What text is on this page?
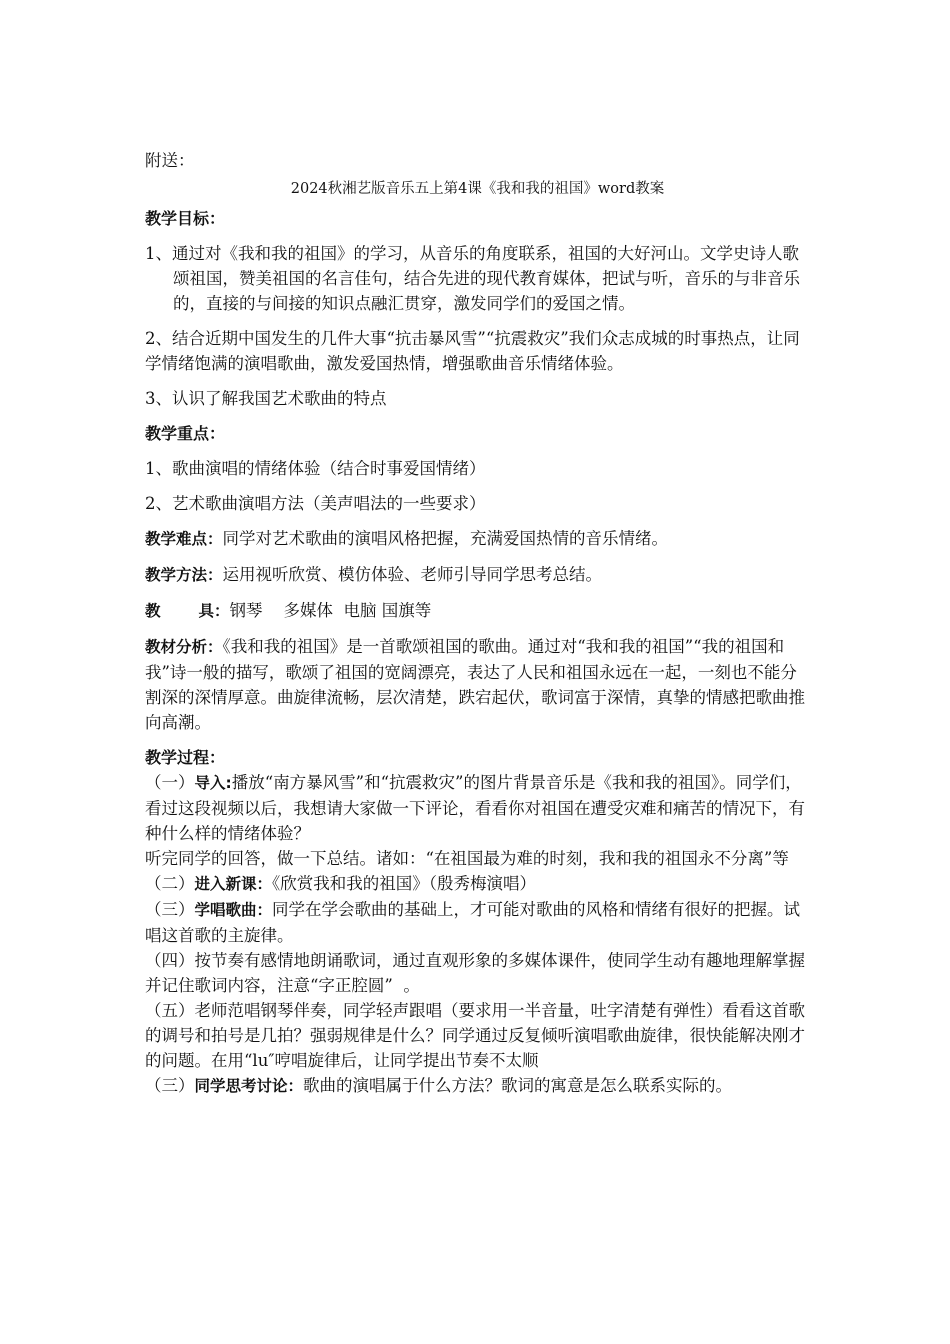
附送：

2024秋湘艺版音乐五上第4课《我和我的祖国》word教案

教学目标：

1、通过对《我和我的祖国》的学习，从音乐的角度联系，祖国的大好河山。文学史诗人歌颂祖国，赞美祖国的名言佳句，结合先进的现代教育媒体，把试与听，音乐的与非音乐的，直接的与间接的知识点融汇贯穿，激发同学们的爱国之情。

2、结合近期中国发生的几件大事“抗击暴风雪”“抗震救灾”我们众志成城的时事热点，让同学情绪饱满的演唱歌曲，激发爱国热情，增强歌曲音乐情绪体验。

3、认识了解我国艺术歌曲的特点

教学重点：

1、歌曲演唱的情绪体验（结合时事爱国情绪）

2、艺术歌曲演唱方法（美声唱法的一些要求）

教学难点：同学对艺术歌曲的演唱风格把握，充满爱国热情的音乐情绪。

教学方法：运用视听欣赏、模仿体验、老师引导同学思考总结。

教 具：钢琴    多媒体  电脑 国旗等

教材分析：《我和我的祖国》是一首歌颂祖国的歌曲。通过对“我和我的祖国”“我的祖国和我”诗一般的描写，歌颂了祖国的宽阔漂亮，表达了人民和祖国永远在一起，一刻也不能分割深的深情厚意。曲旋律流畅，层次清楚，跌宕起伏，歌词富于深情，真挚的情感把歌曲推向高潮。

教学过程：

（一）导入:播放“南方暴风雪”和“抗震救灾”的图片背景音乐是《我和我的祖国》。同学们，看过这段视频以后，我想请大家做一下评论，看看你对祖国在遭受灾难和痛苦的情况下，有种什么样的情绪体验？

听完同学的回答，做一下总结。诸如：“在祖国最为难的时刻，我和我的祖国永不分离”等

（二）进入新课：《欣赏我和我的祖国》（殷秀梅演唱）

（三）学唱歌曲：同学在学会歌曲的基础上，才可能对歌曲的风格和情绪有很好的把握。试唱这首歌的主旋律。

（四）按节奏有感情地朗诵歌词，通过直观形象的多媒体课件，使同学生动有趣地理解掌握并记住歌词内容，注意“字正腔圆”  。

（五）老师范唱钢琴伴奏，同学轻声跟唱（要求用一半音量，吐字清楚有弹性）看看这首歌的调号和拍号是几拍？强弱规律是什么？同学通过反复倾听演唱歌曲旋律，很快能解决刚才的问题。在用“lu″哼唱旋律后，让同学提出节奏不太顺

（三）同学思考讨论：歌曲的演唱属于什么方法？歌词的寓意是怎么联系实际的。
